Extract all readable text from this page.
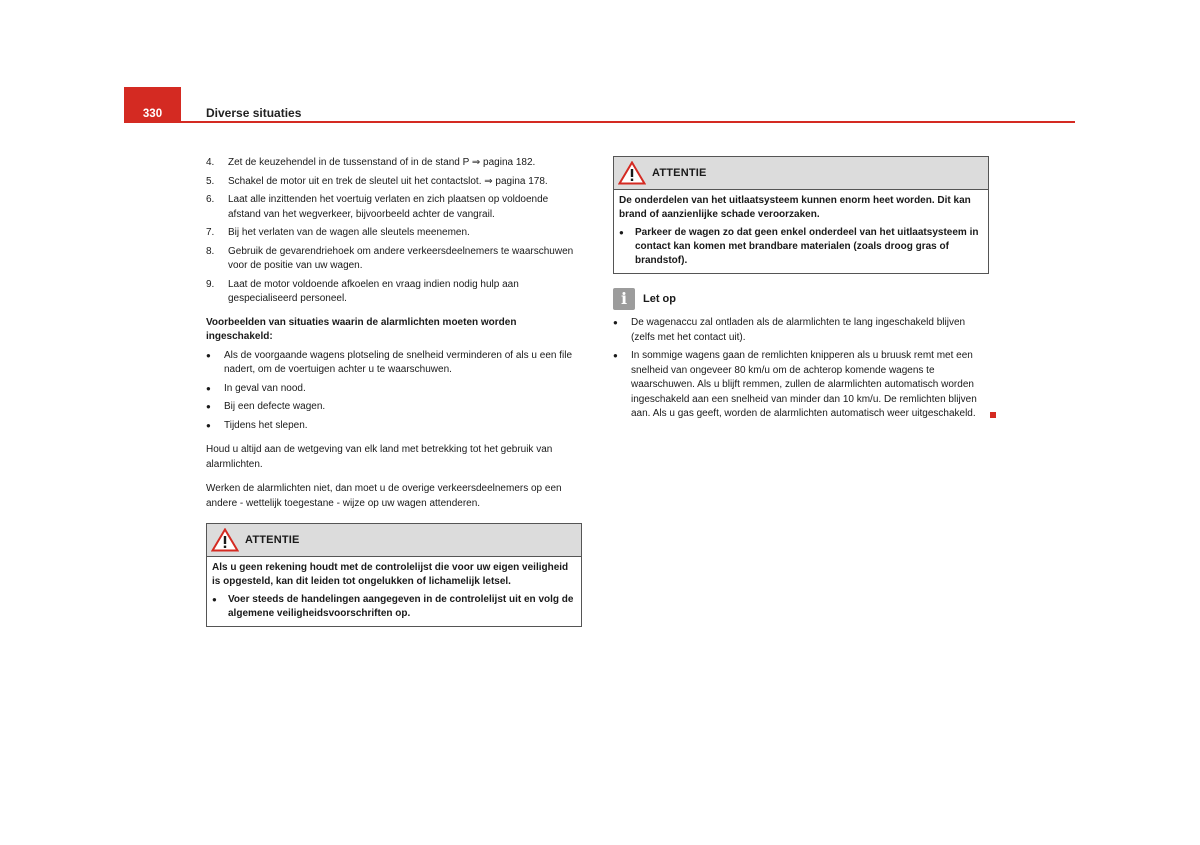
330	Diverse situaties
4.	Zet de keuzehendel in de tussenstand of in de stand P ⇒ pagina 182.
5.	Schakel de motor uit en trek de sleutel uit het contactslot. ⇒ pagina 178.
6.	Laat alle inzittenden het voertuig verlaten en zich plaatsen op voldoende afstand van het wegverkeer, bijvoorbeeld achter de vangrail.
7.	Bij het verlaten van de wagen alle sleutels meenemen.
8.	Gebruik de gevarendriehoek om andere verkeersdeelnemers te waarschuwen voor de positie van uw wagen.
9.	Laat de motor voldoende afkoelen en vraag indien nodig hulp aan gespecialiseerd personeel.
Voorbeelden van situaties waarin de alarmlichten moeten worden ingeschakeld:
●	Als de voorgaande wagens plotseling de snelheid verminderen of als u een file nadert, om de voertuigen achter u te waarschuwen.
●	In geval van nood.
●	Bij een defecte wagen.
●	Tijdens het slepen.
Houd u altijd aan de wetgeving van elk land met betrekking tot het gebruik van alarmlichten.
Werken de alarmlichten niet, dan moet u de overige verkeersdeelnemers op een andere - wettelijk toegestane - wijze op uw wagen attenderen.
ATTENTIE

Als u geen rekening houdt met de controlelijst die voor uw eigen veiligheid is opgesteld, kan dit leiden tot ongelukken of lichamelijk letsel.

●	Voer steeds de handelingen aangegeven in de controlelijst uit en volg de algemene veiligheidsvoorschriften op.
ATTENTIE

De onderdelen van het uitlaatsysteem kunnen enorm heet worden. Dit kan brand of aanzienlijke schade veroorzaken.

●	Parkeer de wagen zo dat geen enkel onderdeel van het uitlaatsysteem in contact kan komen met brandbare materialen (zoals droog gras of brandstof).
i	Let op
●	De wagenaccu zal ontladen als de alarmlichten te lang ingeschakeld blijven (zelfs met het contact uit).
●	In sommige wagens gaan de remlichten knipperen als u bruusk remt met een snelheid van ongeveer 80 km/u om de achterop komende wagens te waarschuwen. Als u blijft remmen, zullen de alarmlichten automatisch worden ingeschakeld aan een snelheid van minder dan 10 km/u. De remlichten blijven aan. Als u gas geeft, worden de alarmlichten automatisch weer uitgeschakeld.
